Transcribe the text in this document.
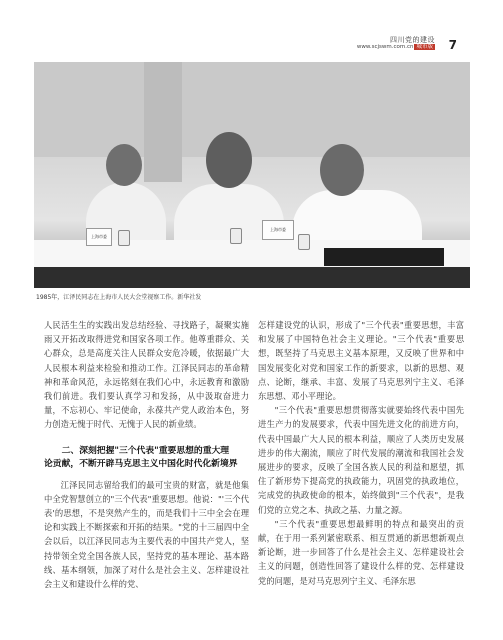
四川党的建设
www.scjswm.com.cn 城市版 7
上海市委
上海市委
1985年，江泽民同志在上海市人民大会堂视察工作。新华社发

人民活生生的实践出发总结经验、寻找路子，凝聚实施雨又开拓改取得进党和国家各项工作。他尊重群众、关心群众，总是高度关注人民群众安危冷暖，依据最广大人民根本利益来检验和推动工作。江泽民同志的革命精神和革命风范，永远铭刻在我们心中，永远教育和激励我们前进。我们要认真学习和发扬，从中汲取奋进力量，不忘初心、牢记使命，永葆共产党人政治本色，努力创造无愧于时代、无愧于人民的新业绩。

二、深刻把握"三个代表"重要思想的重大理
论贡献，不断开辟马克思主义中国化时代化新境界

江泽民同志留给我们的最可宝贵的财富，就是他集中全党智慧创立的"三个代表"重要思想。他说："'三个代表'的思想，不是突然产生的，而是我们十三中全会在理论和实践上不断探索和开拓的结果。"党的十三届四中全会以后，以江泽民同志为主要代表的中国共产党人，坚持带领全党全国各族人民，坚持党的基本理论、基本路线、基本纲领，加深了对什么是社会主义、怎样建设社会主义和建设什么样的党、

怎样建设党的认识，形成了"三个代表"重要思想，丰富和发展了中国特色社会主义理论。"三个代表"重要思想，既坚持了马克思主义基本原理，又反映了世界和中国发展变化对党和国家工作的新要求，以新的思想、观点、论断，继承、丰富、发展了马克思列宁主义、毛泽东思想、邓小平理论。

"三个代表"重要思想贯彻落实就要始终代表中国先进生产力的发展要求，代表中国先进文化的前进方向，代表中国最广大人民的根本利益，顺应了人类历史发展进步的伟大潮流，顺应了时代发展的潮流和我国社会发展进步的要求，反映了全国各族人民的利益和愿望，抓住了新形势下提高党的执政能力，巩固党的执政地位，完成党的执政使命的根本，始终做到"三个代表"，是我们党的立党之本、执政之基、力量之源。

"三个代表"重要思想最鲜明的特点和最突出的贡献，在于用一系列紧密联系、相互贯通的新思想新观点新论断，进一步回答了什么是社会主义、怎样建设社会主义的问题，创造性回答了建设什么样的党、怎样建设党的问题，是对马克思列宁主义、毛泽东思
